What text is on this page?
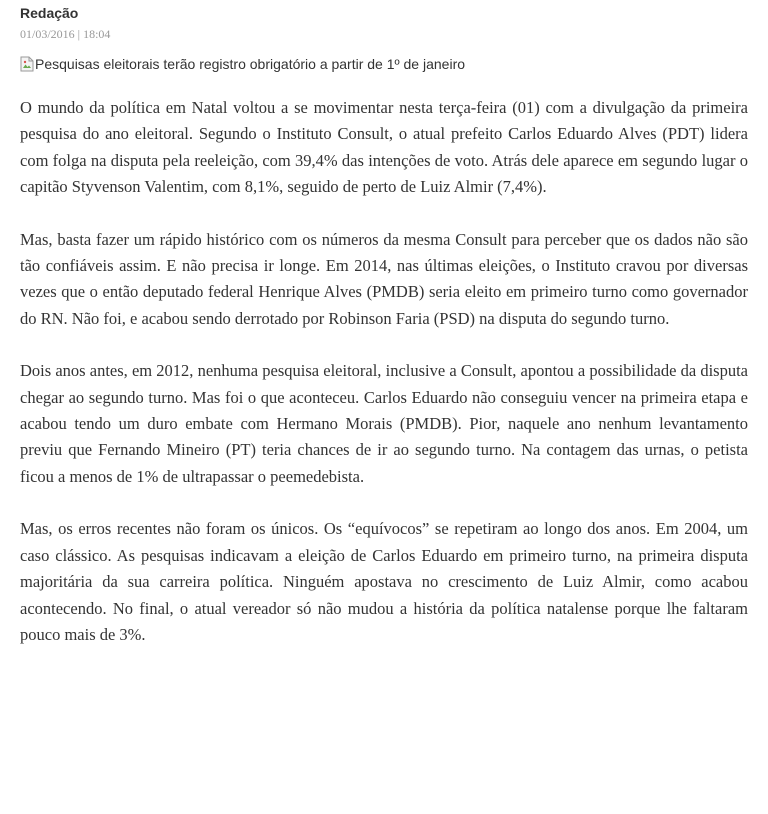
Redação
01/03/2016 | 18:04
Pesquisas eleitorais terão registro obrigatório a partir de 1º de janeiro

O mundo da política em Natal voltou a se movimentar nesta terça-feira (01) com a divulgação da primeira pesquisa do ano eleitoral. Segundo o Instituto Consult, o atual prefeito Carlos Eduardo Alves (PDT) lidera com folga na disputa pela reeleição, com 39,4% das intenções de voto. Atrás dele aparece em segundo lugar o capitão Styvenson Valentim, com 8,1%, seguido de perto de Luiz Almir (7,4%).

Mas, basta fazer um rápido histórico com os números da mesma Consult para perceber que os dados não são tão confiáveis assim. E não precisa ir longe. Em 2014, nas últimas eleições, o Instituto cravou por diversas vezes que o então deputado federal Henrique Alves (PMDB) seria eleito em primeiro turno como governador do RN. Não foi, e acabou sendo derrotado por Robinson Faria (PSD) na disputa do segundo turno.

Dois anos antes, em 2012, nenhuma pesquisa eleitoral, inclusive a Consult, apontou a possibilidade da disputa chegar ao segundo turno. Mas foi o que aconteceu. Carlos Eduardo não conseguiu vencer na primeira etapa e acabou tendo um duro embate com Hermano Morais (PMDB). Pior, naquele ano nenhum levantamento previu que Fernando Mineiro (PT) teria chances de ir ao segundo turno. Na contagem das urnas, o petista ficou a menos de 1% de ultrapassar o peemedebista.

Mas, os erros recentes não foram os únicos. Os “equívocos” se repetiram ao longo dos anos. Em 2004, um caso clássico. As pesquisas indicavam a eleição de Carlos Eduardo em primeiro turno, na primeira disputa majoritária da sua carreira política. Ninguém apostava no crescimento de Luiz Almir, como acabou acontecendo. No final, o atual vereador só não mudou a história da política natalense porque lhe faltaram pouco mais de 3%.
